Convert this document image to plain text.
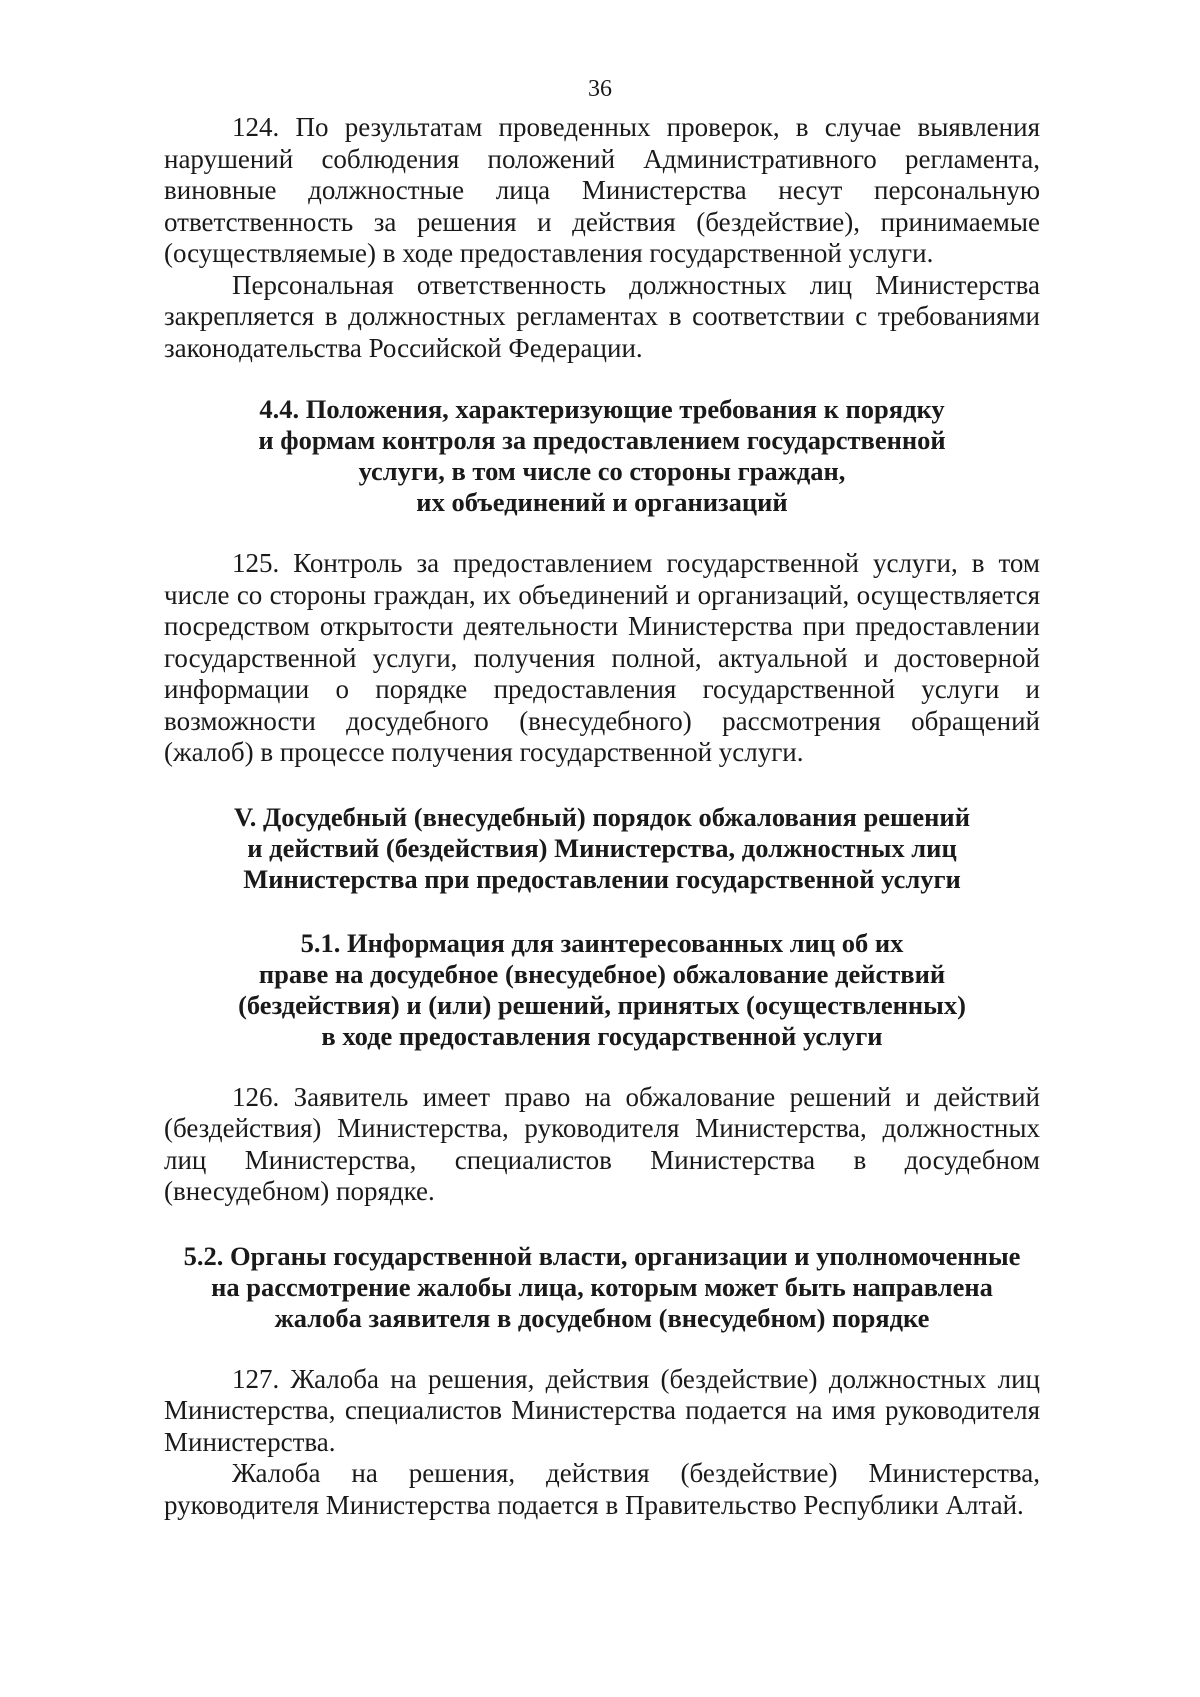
36

124. По результатам проведенных проверок, в случае выявления нарушений соблюдения положений Административного регламента, виновные должностные лица Министерства несут персональную ответственность за решения и действия (бездействие), принимаемые (осуществляемые) в ходе предоставления государственной услуги.

Персональная ответственность должностных лиц Министерства закрепляется в должностных регламентах в соответствии с требованиями законодательства Российской Федерации.

4.4. Положения, характеризующие требования к порядку
и формам контроля за предоставлением государственной
услуги, в том числе со стороны граждан,
их объединений и организаций

125. Контроль за предоставлением государственной услуги, в том числе со стороны граждан, их объединений и организаций, осуществляется посредством открытости деятельности Министерства при предоставлении государственной услуги, получения полной, актуальной и достоверной информации о порядке предоставления государственной услуги и возможности досудебного (внесудебного) рассмотрения обращений (жалоб) в процессе получения государственной услуги.

V. Досудебный (внесудебный) порядок обжалования решений
и действий (бездействия) Министерства, должностных лиц
Министерства при предоставлении государственной услуги
5.1. Информация для заинтересованных лиц об их
праве на досудебное (внесудебное) обжалование действий
(бездействия) и (или) решений, принятых (осуществленных)
в ходе предоставления государственной услуги

126. Заявитель имеет право на обжалование решений и действий (бездействия) Министерства, руководителя Министерства, должностных лиц Министерства, специалистов Министерства в досудебном (внесудебном) порядке.

5.2. Органы государственной власти, организации и уполномоченные
на рассмотрение жалобы лица, которым может быть направлена
жалоба заявителя в досудебном (внесудебном) порядке

127. Жалоба на решения, действия (бездействие) должностных лиц Министерства, специалистов Министерства подается на имя руководителя Министерства.

Жалоба на решения, действия (бездействие) Министерства, руководителя Министерства подается в Правительство Республики Алтай.
